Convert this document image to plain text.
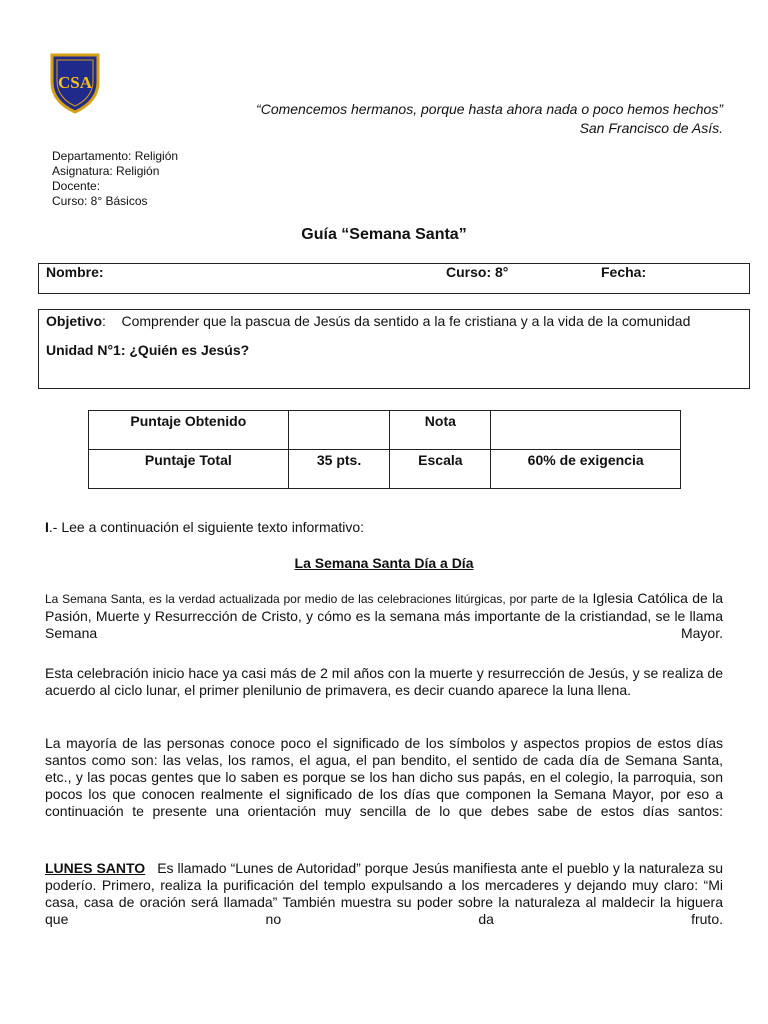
CSA
“Comencemos hermanos, porque hasta ahora nada o poco hemos hechos”
San Francisco de Asís.
Departamento: Religión
Asignatura: Religión
Docente:
Curso: 8° Básicos
Guía “Semana Santa”
Nombre:	Curso: 8°	Fecha:
Objetivo:    Comprender que la pascua de Jesús da sentido a la fe cristiana y a la vida de la comunidad
Unidad N°1: ¿Quién es Jesús?
Puntaje Obtenido		Nota	
Puntaje Total	35 pts.	Escala	60% de exigencia
I.- Lee a continuación el siguiente texto informativo:
La Semana Santa Día a Día
La Semana Santa, es la verdad actualizada por medio de las celebraciones litúrgicas, por parte de la Iglesia Católica de la Pasión, Muerte y Resurrección de Cristo, y cómo es la semana más importante de la cristiandad, se le llama Semana Mayor.
Esta celebración inicio hace ya casi más de 2 mil años con la muerte y resurrección de Jesús, y se realiza de acuerdo al ciclo lunar, el primer plenilunio de primavera, es decir cuando aparece la luna llena.
La mayoría de las personas conoce poco el significado de los símbolos y aspectos propios de estos días santos como son: las velas, los ramos, el agua, el pan bendito, el sentido de cada día de Semana Santa, etc., y las pocas gentes que lo saben es porque se los han dicho sus papás, en el colegio, la parroquia, son pocos los que conocen realmente el significado de los días que componen la Semana Mayor, por eso a continuación te presente una orientación muy sencilla de lo que debes sabe de estos días santos:
LUNES SANTO Es llamado “Lunes de Autoridad” porque Jesús manifiesta ante el pueblo y la naturaleza su poderío. Primero, realiza la purificación del templo expulsando a los mercaderes y dejando muy claro: “Mi casa, casa de oración será llamada” También muestra su poder sobre la naturaleza al maldecir la higuera que no da fruto.
